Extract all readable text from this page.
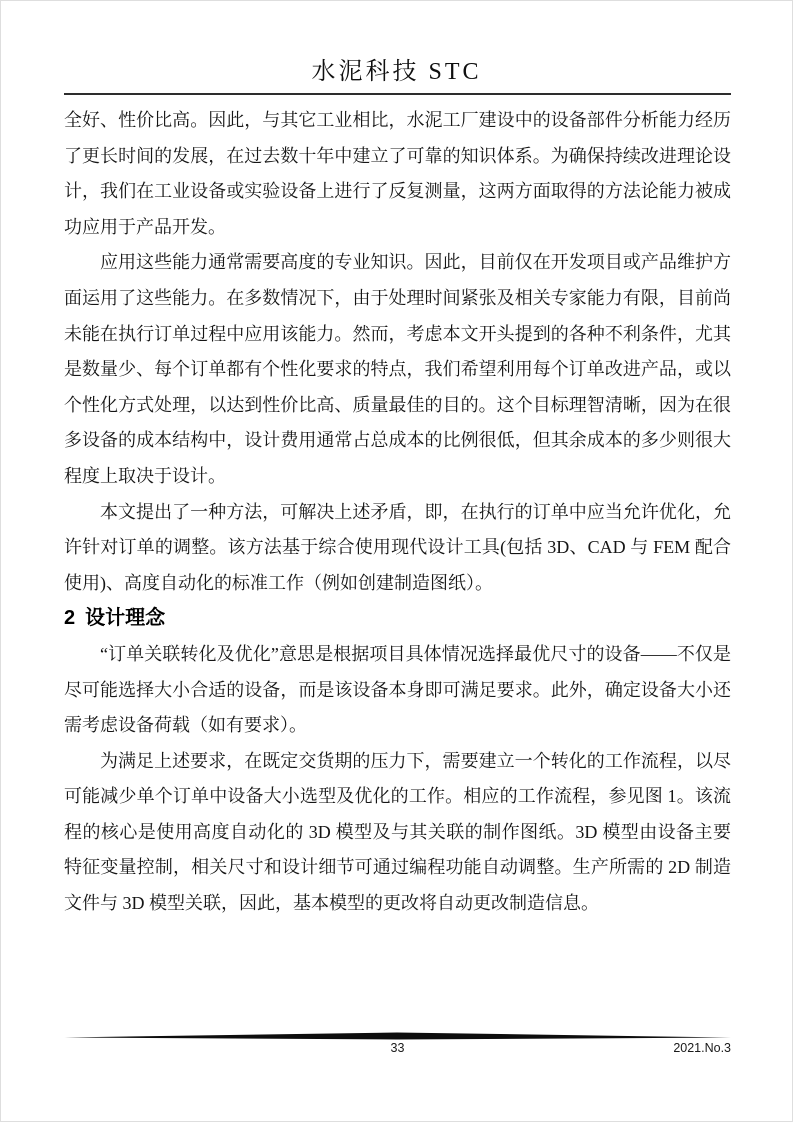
水泥科技 STC

全好、性价比高。因此，与其它工业相比，水泥工厂建设中的设备部件分析能力经历了更长时间的发展，在过去数十年中建立了可靠的知识体系。为确保持续改进理论设计，我们在工业设备或实验设备上进行了反复测量，这两方面取得的方法论能力被成功应用于产品开发。

应用这些能力通常需要高度的专业知识。因此，目前仅在开发项目或产品维护方面运用了这些能力。在多数情况下，由于处理时间紧张及相关专家能力有限，目前尚未能在执行订单过程中应用该能力。然而，考虑本文开头提到的各种不利条件，尤其是数量少、每个订单都有个性化要求的特点，我们希望利用每个订单改进产品，或以个性化方式处理，以达到性价比高、质量最佳的目的。这个目标理智清晰，因为在很多设备的成本结构中，设计费用通常占总成本的比例很低，但其余成本的多少则很大程度上取决于设计。

本文提出了一种方法，可解决上述矛盾，即，在执行的订单中应当允许优化，允许针对订单的调整。该方法基于综合使用现代设计工具(包括 3D、CAD 与 FEM 配合使用)、高度自动化的标准工作（例如创建制造图纸）。

2 设计理念

“订单关联转化及优化”意思是根据项目具体情况选择最优尺寸的设备——不仅是尽可能选择大小合适的设备，而是该设备本身即可满足要求。此外，确定设备大小还需考虑设备荷载（如有要求）。

为满足上述要求，在既定交货期的压力下，需要建立一个转化的工作流程，以尽可能减少单个订单中设备大小选型及优化的工作。相应的工作流程，参见图 1。该流程的核心是使用高度自动化的 3D 模型及与其关联的制作图纸。3D 模型由设备主要特征变量控制，相关尺寸和设计细节可通过编程功能自动调整。生产所需的 2D 制造文件与 3D 模型关联，因此，基本模型的更改将自动更改制造信息。

33	2021.No.3
